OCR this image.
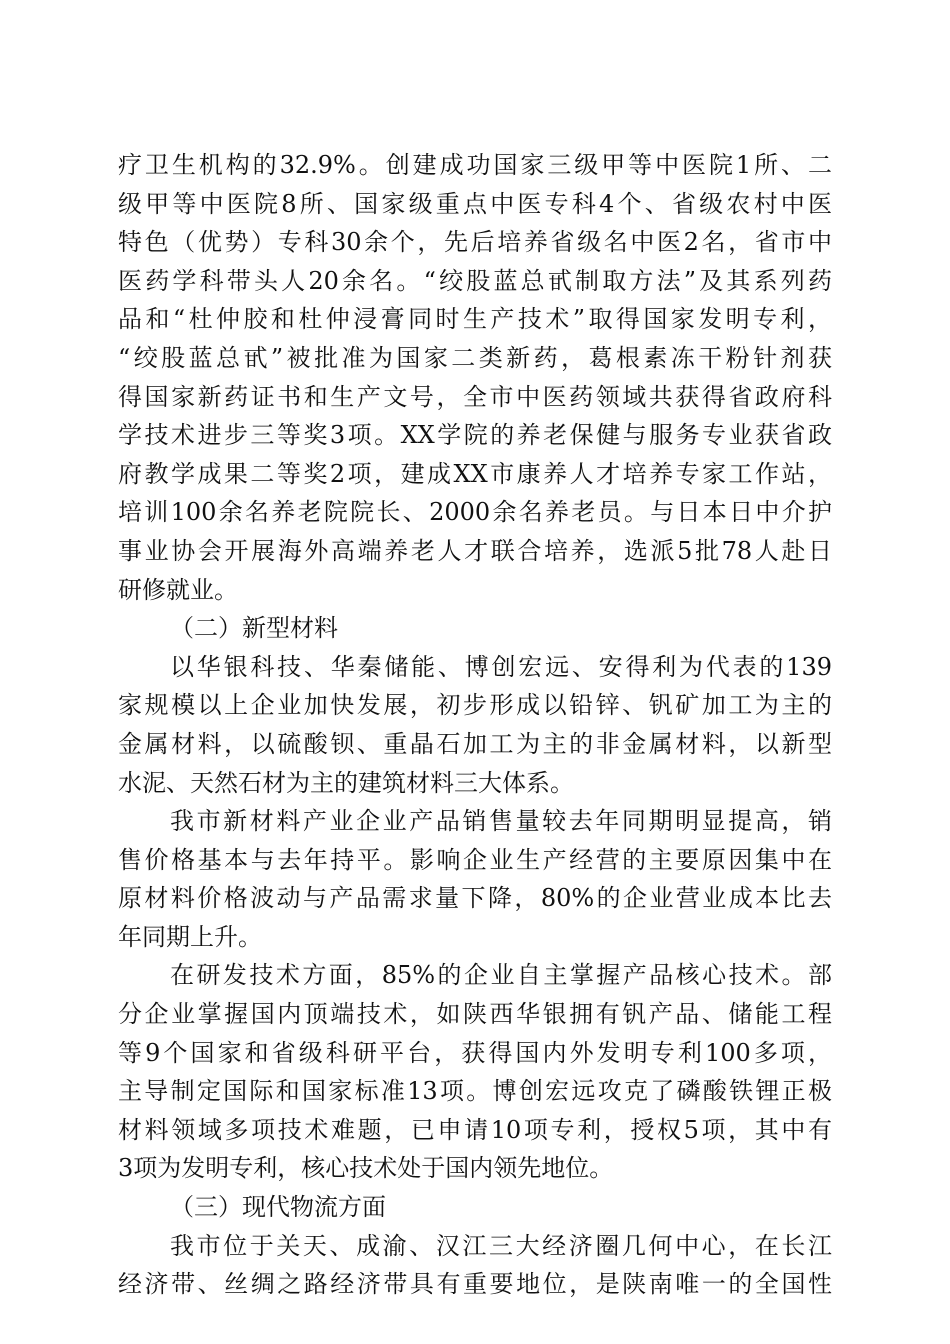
疗卫生机构的32.9%。创建成功国家三级甲等中医院1所、二
级甲等中医院8所、国家级重点中医专科4个、省级农村中医
特色（优势）专科30余个，先后培养省级名中医2名，省市中
医药学科带头人20余名。“绞股蓝总甙制取方法”及其系列药
品和“杜仲胶和杜仲浸膏同时生产技术”取得国家发明专利，
“绞股蓝总甙”被批准为国家二类新药，葛根素冻干粉针剂获
得国家新药证书和生产文号，全市中医药领域共获得省政府科
学技术进步三等奖3项。XX学院的养老保健与服务专业获省政
府教学成果二等奖2项，建成XX市康养人才培养专家工作站，
培训100余名养老院院长、2000余名养老员。与日本日中介护
事业协会开展海外高端养老人才联合培养，选派5批78人赴日
研修就业。
（二）新型材料
以华银科技、华秦储能、博创宏远、安得利为代表的139
家规模以上企业加快发展，初步形成以铅锌、钒矿加工为主的
金属材料，以硫酸钡、重晶石加工为主的非金属材料，以新型
水泥、天然石材为主的建筑材料三大体系。
我市新材料产业企业产品销售量较去年同期明显提高，销
售价格基本与去年持平。影响企业生产经营的主要原因集中在
原材料价格波动与产品需求量下降，80%的企业营业成本比去
年同期上升。
在研发技术方面，85%的企业自主掌握产品核心技术。部
分企业掌握国内顶端技术，如陕西华银拥有钒产品、储能工程
等9个国家和省级科研平台，获得国内外发明专利100多项，
主导制定国际和国家标准13项。博创宏远攻克了磷酸铁锂正极
材料领域多项技术难题，已申请10项专利，授权5项，其中有
3项为发明专利，核心技术处于国内领先地位。
（三）现代物流方面
我市位于关天、成渝、汉江三大经济圈几何中心，在长江
经济带、丝绸之路经济带具有重要地位，是陕南唯一的全国性
